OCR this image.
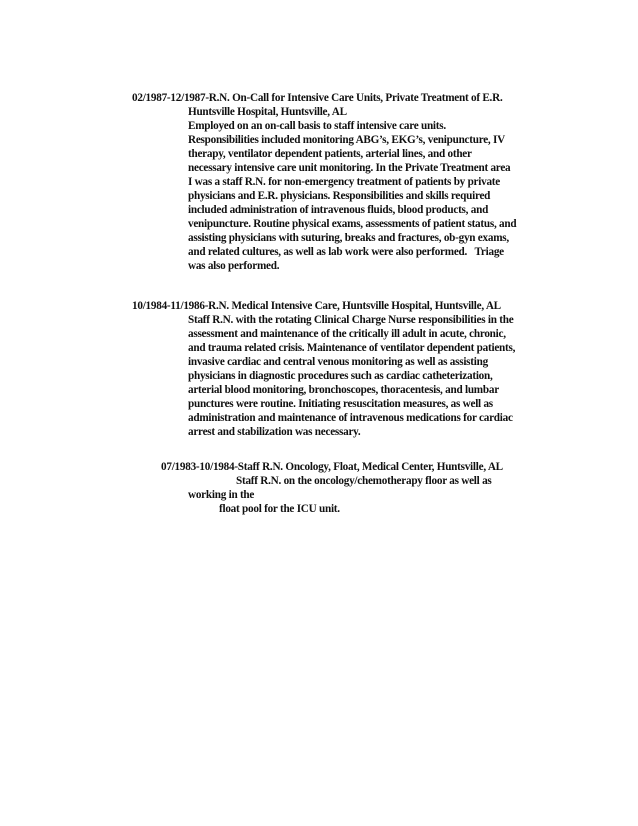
02/1987-12/1987-R.N. On-Call for Intensive Care Units, Private Treatment of E.R.
Huntsville Hospital, Huntsville, AL
Employed on an on-call basis to staff intensive care units.
Responsibilities included monitoring ABG’s, EKG’s, venipuncture, IV
therapy, ventilator dependent patients, arterial lines, and other
necessary intensive care unit monitoring. In the Private Treatment area
I was a staff R.N. for non-emergency treatment of patients by private
physicians and E.R. physicians. Responsibilities and skills required
included administration of intravenous fluids, blood products, and
venipuncture. Routine physical exams, assessments of patient status, and
assisting physicians with suturing, breaks and fractures, ob-gyn exams,
and related cultures, as well as lab work were also performed.   Triage
was also performed.
10/1984-11/1986-R.N. Medical Intensive Care, Huntsville Hospital, Huntsville, AL
Staff R.N. with the rotating Clinical Charge Nurse responsibilities in the
assessment and maintenance of the critically ill adult in acute, chronic,
and trauma related crisis. Maintenance of ventilator dependent patients,
invasive cardiac and central venous monitoring as well as assisting
physicians in diagnostic procedures such as cardiac catheterization,
arterial blood monitoring, bronchoscopes, thoracentesis, and lumbar
punctures were routine. Initiating resuscitation measures, as well as
administration and maintenance of intravenous medications for cardiac
arrest and stabilization was necessary.
07/1983-10/1984-Staff R.N. Oncology, Float, Medical Center, Huntsville, AL
Staff R.N. on the oncology/chemotherapy floor as well as
working in the
float pool for the ICU unit.
